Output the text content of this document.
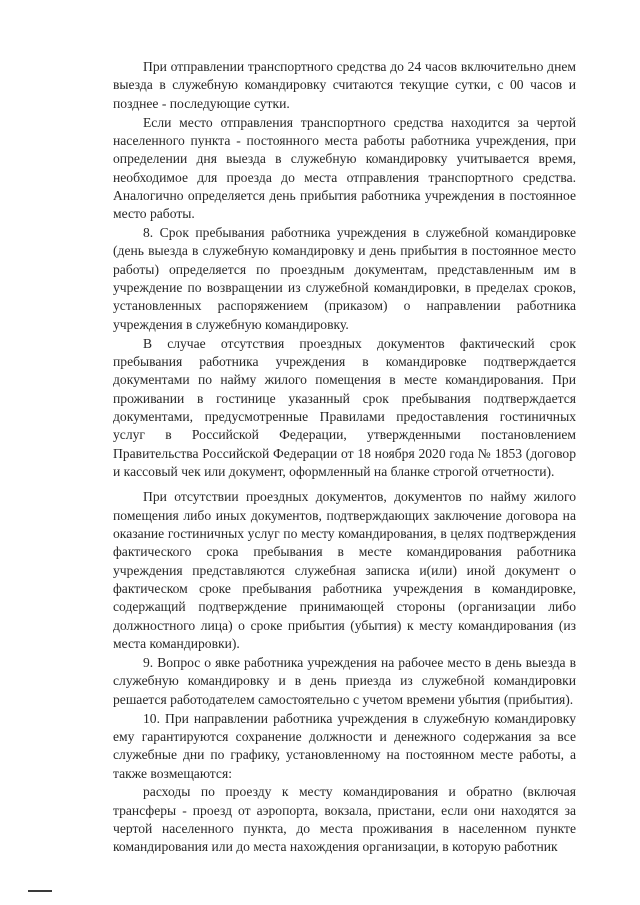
При отправлении транспортного средства до 24 часов включительно днем выезда в служебную командировку считаются текущие сутки, с 00 часов и позднее - последующие сутки.

Если место отправления транспортного средства находится за чертой населенного пункта - постоянного места работы работника учреждения, при определении дня выезда в служебную командировку учитывается время, необходимое для проезда до места отправления транспортного средства. Аналогично определяется день прибытия работника учреждения в постоянное место работы.

8. Срок пребывания работника учреждения в служебной командировке (день выезда в служебную командировку и день прибытия в постоянное место работы) определяется по проездным документам, представленным им в учреждение по возвращении из служебной командировки, в пределах сроков, установленных распоряжением (приказом) о направлении работника учреждения в служебную командировку.

В случае отсутствия проездных документов фактический срок пребывания работника учреждения в командировке подтверждается документами по найму жилого помещения в месте командирования. При проживании в гостинице указанный срок пребывания подтверждается документами, предусмотренные Правилами предоставления гостиничных услуг в Российской Федерации, утвержденными постановлением Правительства Российской Федерации от 18 ноября 2020 года № 1853 (договор и кассовый чек или документ, оформленный на бланке строгой отчетности).

При отсутствии проездных документов, документов по найму жилого помещения либо иных документов, подтверждающих заключение договора на оказание гостиничных услуг по месту командирования, в целях подтверждения фактического срока пребывания в месте командирования работника учреждения представляются служебная записка и(или) иной документ о фактическом сроке пребывания работника учреждения в командировке, содержащий подтверждение принимающей стороны (организации либо должностного лица) о сроке прибытия (убытия) к месту командирования (из места командировки).

9. Вопрос о явке работника учреждения на рабочее место в день выезда в служебную командировку и в день приезда из служебной командировки решается работодателем самостоятельно с учетом времени убытия (прибытия).

10. При направлении работника учреждения в служебную командировку ему гарантируются сохранение должности и денежного содержания за все служебные дни по графику, установленному на постоянном месте работы, а также возмещаются:

расходы по проезду к месту командирования и обратно (включая трансферы - проезд от аэропорта, вокзала, пристани, если они находятся за чертой населенного пункта, до места проживания в населенном пункте командирования или до места нахождения организации, в которую работник
